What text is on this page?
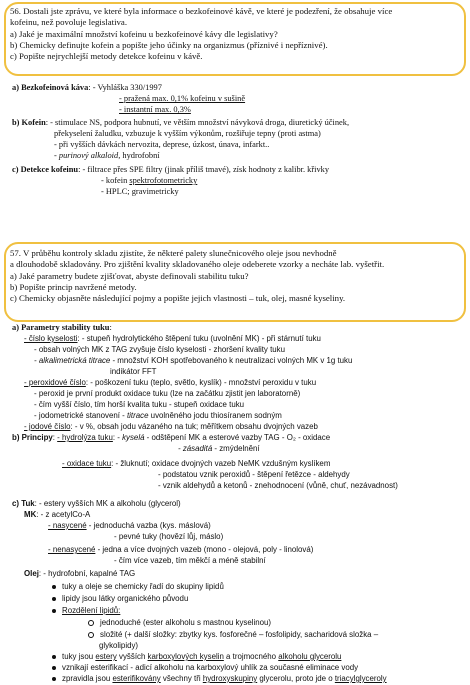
56. Dostali jste zprávu, ve které byla informace o bezkofeinové kávě, ve které je podezření, že obsahuje více
kofeinu, než povoluje legislativa.
a) Jaké je maximální množství kofeinu u bezkofeinové kávy dle legislativy?
b) Chemicky definujte kofein a popište jeho účinky na organizmus (příznivé i nepříznivé).
c) Popište nejrychlejší metody detekce kofeinu v kávě.
a) Bezkofeinová káva: - Vyhláška 330/1997
- pražená max. 0,1% kofeinu v sušině
- instantní max. 0,3%
b) Kofein: - stimulace NS, podpora hubnutí, ve větším množství návyková droga, diuretický účinek,
překyselení žaludku, vzbuzuje k vyšším výkonům, rozšiřuje tepny (proti astma)
- při vyšších dávkách nervozita, deprese, úzkost, únava, infarkt..
- purinový alkaloid, hydrofobní
c) Detekce kofeinu: - filtrace přes SPE filtry (jinak příliš tmavé), získ hodnoty z kalibr. křivky
- kofein spektrofotometricky
- HPLC; gravimetricky
57. V průběhu kontroly skladu zjistíte, že některé palety slunečnicového oleje jsou nevhodně
a dlouhodobě skladovány. Pro zjištění kvality skladovaného oleje odeberete vzorky a necháte lab. vyšetřit.
a) Jaké parametry budete zjišťovat, abyste definovali stabilitu tuku?
b) Popište princip navržené metody.
c) Chemicky objasněte následující pojmy a popište jejich vlastnosti – tuk, olej, masné kyseliny.
a) Parametry stability tuku:
- číslo kyselosti: - stupeň hydrolytického štěpení tuku (uvolnění MK) - při stárnutí tuku
- obsah volných MK z TAG zvyšuje číslo kyselosti - zhoršení kvality tuku
- alkalimetrická titrace - množství KOH spotřebovaného k neutralizaci volných MK v 1g tuku
indikátor FFT
- peroxidové číslo: - poškození tuku (teplo, světlo, kyslík) - množství peroxidu v tuku
- peroxid je první produkt oxidace tuku (lze na začátku zjistit jen laboratorně)
- čím vyšší číslo, tím horší kvalita tuku - stupeň oxidace tuku
- jodometrické stanovení - titrace uvolněného jodu thiosíranem sodným
- jodové číslo: - v %, obsah jodu vázaného na tuk; měřítkem obsahu dvojných vazeb
b) Principy: - hydrolýza tuku: - kyselá - odštěpení MK a esterové vazby TAG - O₂ - oxidace
- zásaditá - zmýdelnění
- oxidace tuku: - žluknutí; oxidace dvojných vazeb NeMK vzdušným kyslíkem
- podstatou vznik peroxidů - štěpení řetězce - aldehydy
- vznik aldehydů a ketonů - znehodnocení (vůně, chuť, nezávadnost)
c) Tuk: - estery vyšších MK a alkoholu (glycerol)
MK: - z acetylCo-A
- nasycené - jednoduchá vazba (kys. máslová)
- pevné tuky (hovězí lůj, máslo)
- nenasycené - jedna a více dvojných vazeb (mono - olejová, poly - linolová)
- čím více vazeb, tím měkčí a méně stabilní
Olej: - hydrofobní, kapalné TAG
tuky a oleje se chemicky řadí do skupiny lipidů
lipidy jsou látky organického původu
Rozdělení lipidů:
jednoduché (ester alkoholu s mastnou kyselinou)
složité (+ další složky: zbytky kys. fosforečné – fosfolipidy, sacharidová složka –
glykolipidy)
tuky jsou estery vyšších karboxylových kyselin a trojmocného alkoholu glycerolu
vznikají esterifikací - adicí alkoholu na karboxylový uhlík za současné eliminace vody
zpravidla jsou esterifikovány všechny tři hydroxyskupiny glycerolu, proto jde o triacylglyceroly
